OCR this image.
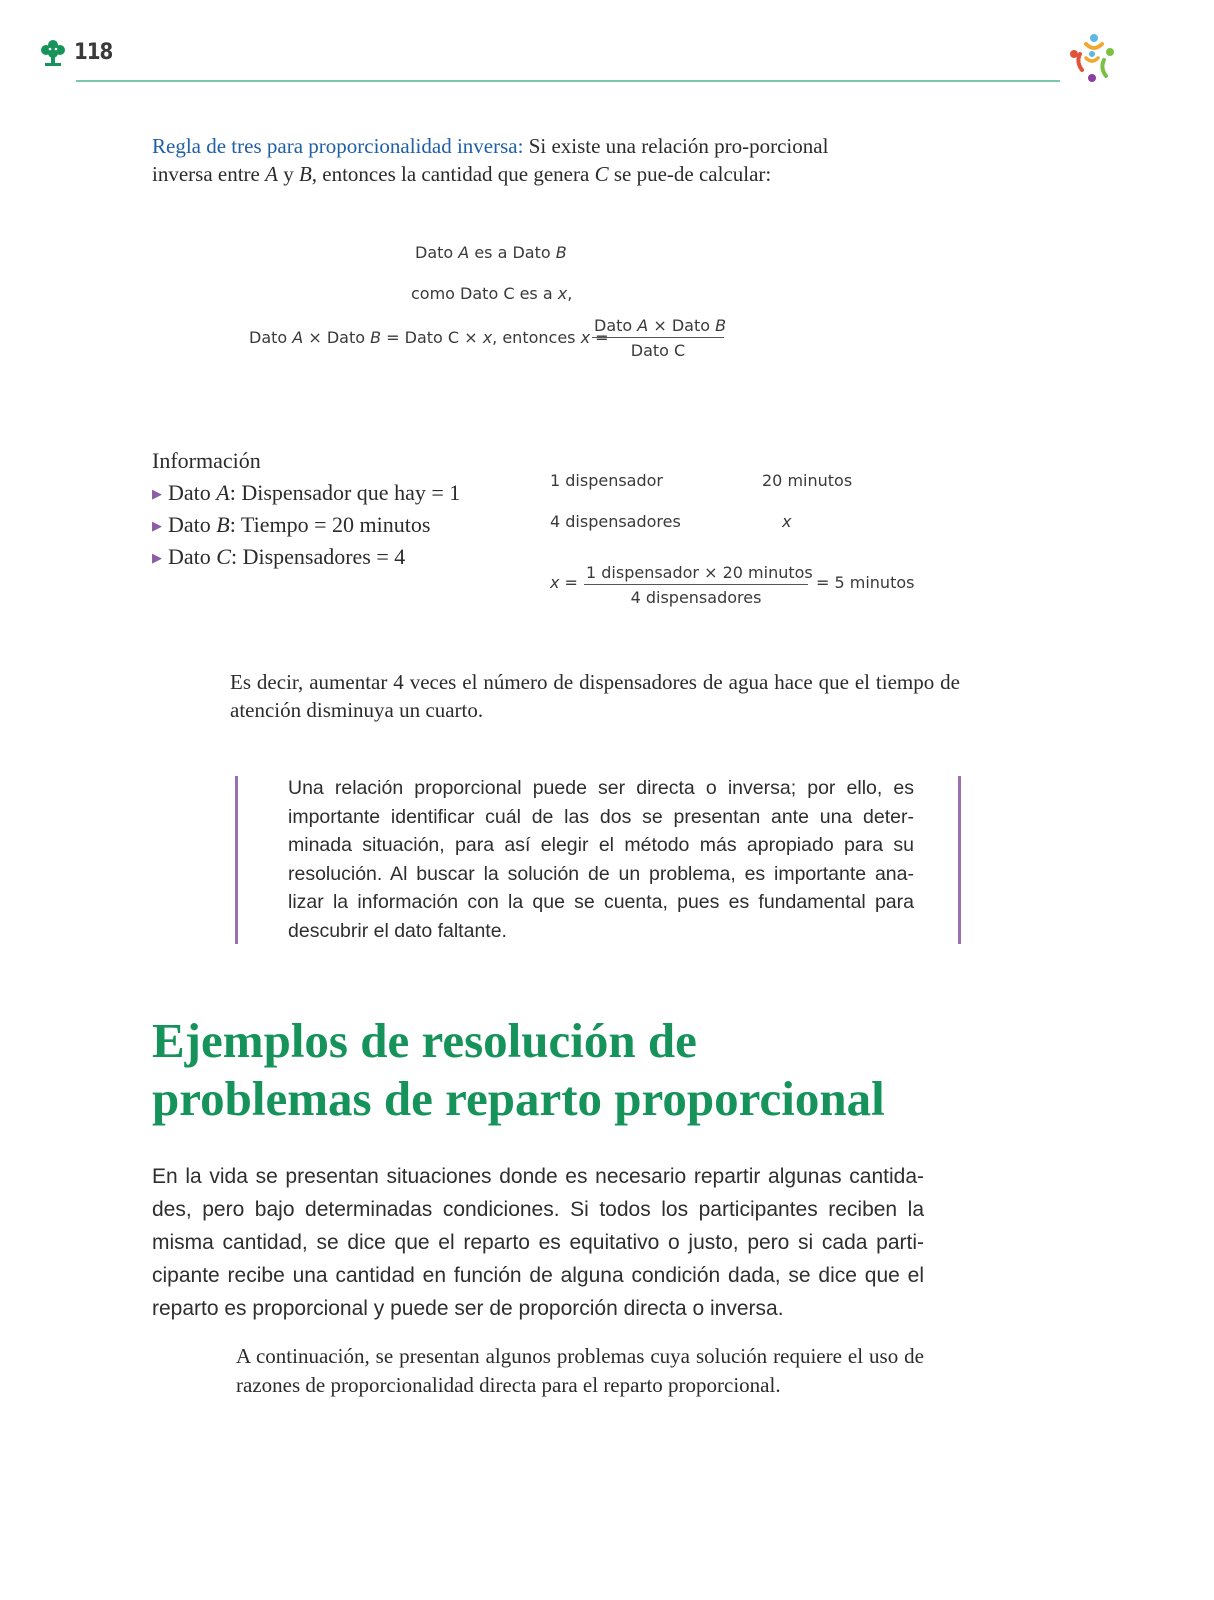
118
Regla de tres para proporcionalidad inversa: Si existe una relación pro-porcional inversa entre A y B, entonces la cantidad que genera C se pue-de calcular:
Dato A es a Dato B
como Dato C es a x,
Dato A × Dato B = Dato C × x, entonces x =
Dato A × Dato B
Dato C
Información
▶ Dato A: Dispensador que hay = 1
▶ Dato B: Tiempo = 20 minutos
▶ Dato C: Dispensadores = 4
1 dispensador	20 minutos
4 dispensadores	x
x =
1 dispensador × 20 minutos
4 dispensadores
= 5 minutos
Es decir, aumentar 4 veces el número de dispensadores de agua hace que el tiempo de atención disminuya un cuarto.
Una relación proporcional puede ser directa o inversa; por ello, es importante identificar cuál de las dos se presentan ante una deter-minada situación, para así elegir el método más apropiado para su resolución. Al buscar la solución de un problema, es importante ana-lizar la información con la que se cuenta, pues es fundamental para descubrir el dato faltante.
Ejemplos de resolución de
problemas de reparto proporcional
En la vida se presentan situaciones donde es necesario repartir algunas cantida-des, pero bajo determinadas condiciones. Si todos los participantes reciben la misma cantidad, se dice que el reparto es equitativo o justo, pero si cada parti-cipante recibe una cantidad en función de alguna condición dada, se dice que el reparto es proporcional y puede ser de proporción directa o inversa.
A continuación, se presentan algunos problemas cuya solución requiere el uso de razones de proporcionalidad directa para el reparto proporcional.
